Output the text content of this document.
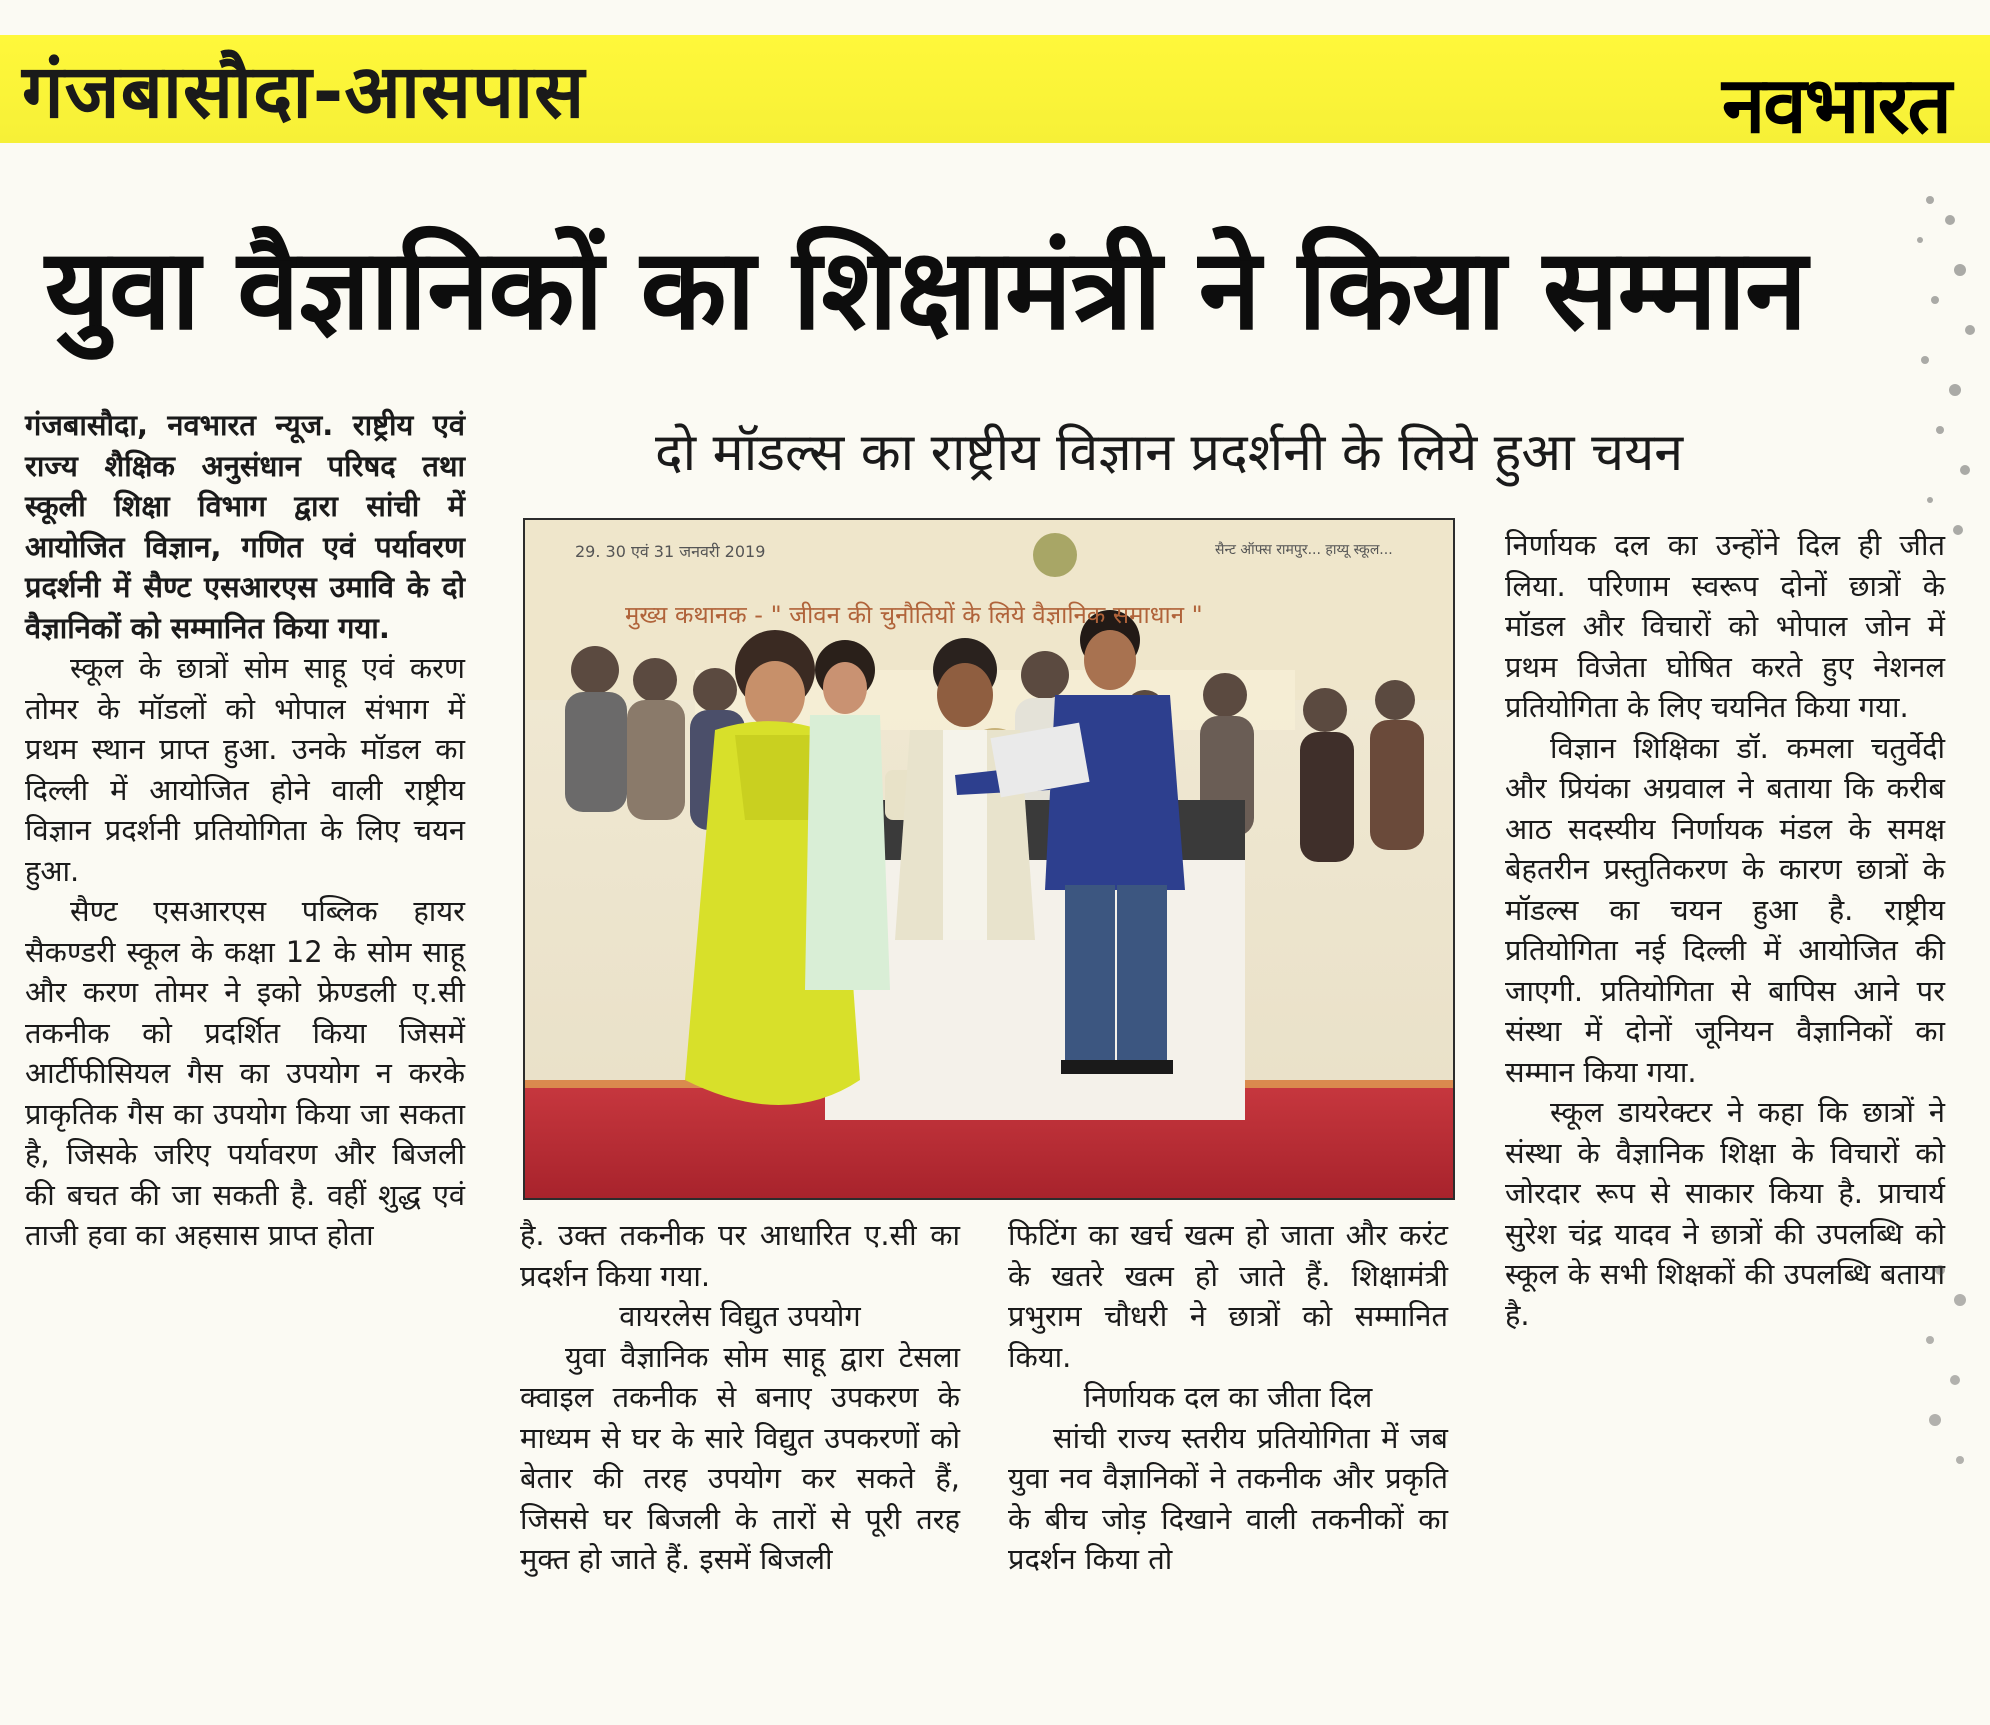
गंजबासौदा-आसपास	नवभारत
युवा वैज्ञानिकों का शिक्षामंत्री ने किया सम्मान
दो मॉडल्स का राष्ट्रीय विज्ञान प्रदर्शनी के लिये हुआ चयन

गंजबासौदा, नवभारत न्यूज. राष्ट्रीय एवं राज्य शैक्षिक अनुसंधान परिषद तथा स्कूली शिक्षा विभाग द्वारा सांची में आयोजित विज्ञान, गणित एवं पर्यावरण प्रदर्शनी में सैण्ट एसआरएस उमावि के दो वैज्ञानिकों को सम्मानित किया गया.

स्कूल के छात्रों सोम साहू एवं करण तोमर के मॉडलों को भोपाल संभाग में प्रथम स्थान प्राप्त हुआ. उनके मॉडल का दिल्ली में आयोजित होने वाली राष्ट्रीय विज्ञान प्रदर्शनी प्रतियोगिता के लिए चयन हुआ.

सैण्ट एसआरएस पब्लिक हायर सैकण्डरी स्कूल के कक्षा 12 के सोम साहू और करण तोमर ने इको फ्रेण्डली ए.सी तकनीक को प्रदर्शित किया जिसमें आर्टीफीसियल गैस का उपयोग न करके प्राकृतिक गैस का उपयोग किया जा सकता है, जिसके जरिए पर्यावरण और बिजली की बचत की जा सकती है. वहीं शुद्ध एवं ताजी हवा का अहसास प्राप्त होता

29. 30 एवं 31 जनवरी 2019	सैन्ट ऑफ्स रामपुर... हाय्यू स्कूल...
मुख्य कथानक - " जीवन की चुनौतियों के लिये वैज्ञानिक समाधान "

है. उक्त तकनीक पर आधारित ए.सी का प्रदर्शन किया गया.

वायरलेस विद्युत उपयोग

युवा वैज्ञानिक सोम साहू द्वारा टेसला क्वाइल तकनीक से बनाए उपकरण के माध्यम से घर के सारे विद्युत उपकरणों को बेतार की तरह उपयोग कर सकते हैं, जिससे घर बिजली के तारों से पूरी तरह मुक्त हो जाते हैं. इसमें बिजली

फिटिंग का खर्च खत्म हो जाता और करंट के खतरे खत्म हो जाते हैं. शिक्षामंत्री प्रभुराम चौधरी ने छात्रों को सम्मानित किया.

निर्णायक दल का जीता दिल

सांची राज्य स्तरीय प्रतियोगिता में जब युवा नव वैज्ञानिकों ने तकनीक और प्रकृति के बीच जोड़ दिखाने वाली तकनीकों का प्रदर्शन किया तो

निर्णायक दल का उन्होंने दिल ही जीत लिया. परिणाम स्वरूप दोनों छात्रों के मॉडल और विचारों को भोपाल जोन में प्रथम विजेता घोषित करते हुए नेशनल प्रतियोगिता के लिए चयनित किया गया.

विज्ञान शिक्षिका डॉ. कमला चतुर्वेदी और प्रियंका अग्रवाल ने बताया कि करीब आठ सदस्यीय निर्णायक मंडल के समक्ष बेहतरीन प्रस्तुतिकरण के कारण छात्रों के मॉडल्स का चयन हुआ है. राष्ट्रीय प्रतियोगिता नई दिल्ली में आयोजित की जाएगी. प्रतियोगिता से बापिस आने पर संस्था में दोनों जूनियन वैज्ञानिकों का सम्मान किया गया.

स्कूल डायरेक्टर ने कहा कि छात्रों ने संस्था के वैज्ञानिक शिक्षा के विचारों को जोरदार रूप से साकार किया है. प्राचार्य सुरेश चंद्र यादव ने छात्रों की उपलब्धि को स्कूल के सभी शिक्षकों की उपलब्धि बताया है.
